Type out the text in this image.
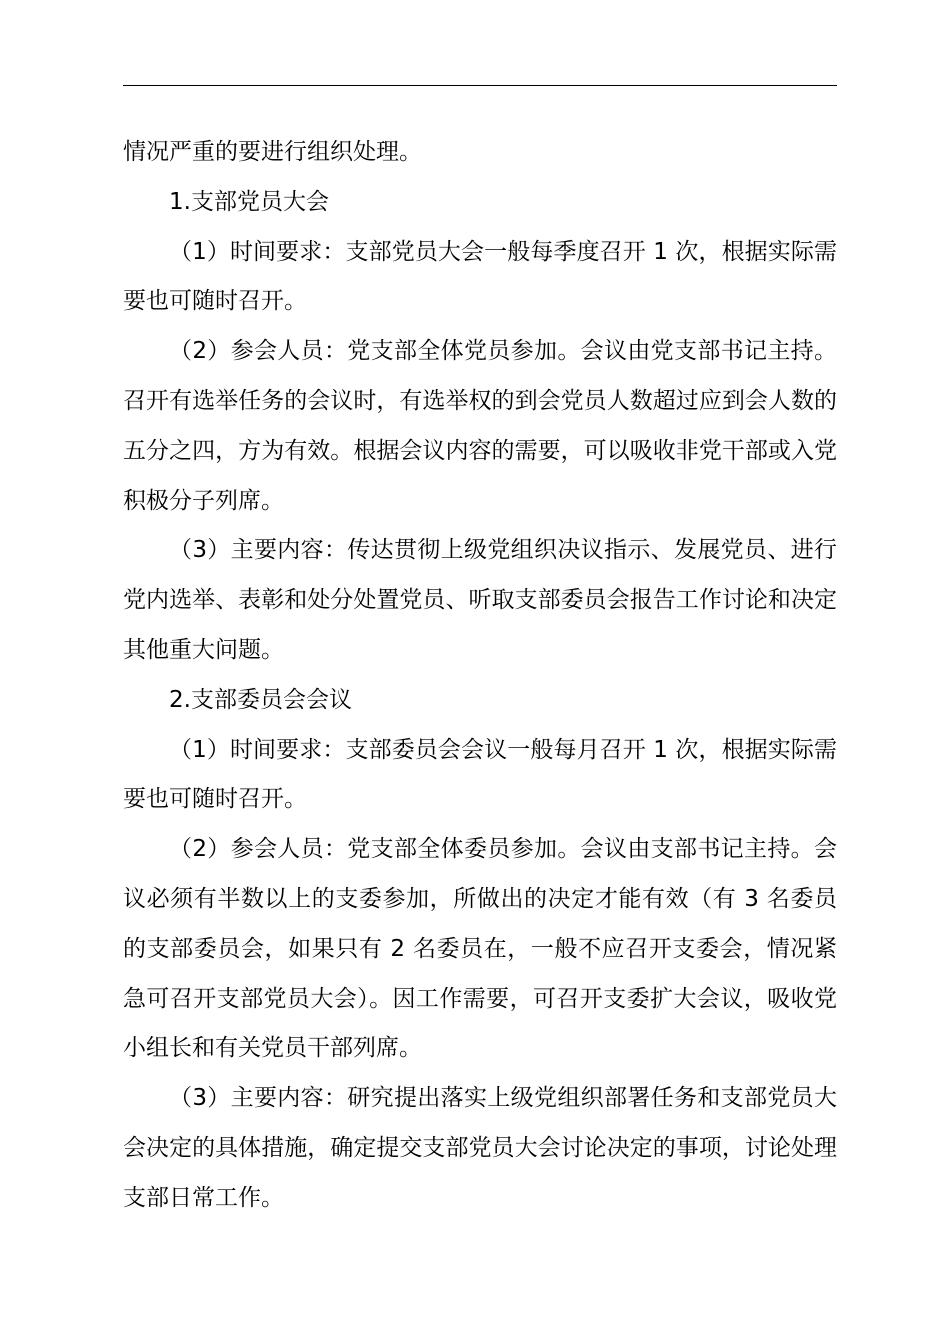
情况严重的要进行组织处理。

1.支部党员大会

（1）时间要求：支部党员大会一般每季度召开 1 次，根据实际需要也可随时召开。

（2）参会人员：党支部全体党员参加。会议由党支部书记主持。召开有选举任务的会议时，有选举权的到会党员人数超过应到会人数的五分之四，方为有效。根据会议内容的需要，可以吸收非党干部或入党积极分子列席。

（3）主要内容：传达贯彻上级党组织决议指示、发展党员、进行党内选举、表彰和处分处置党员、听取支部委员会报告工作讨论和决定其他重大问题。

2.支部委员会会议

（1）时间要求：支部委员会会议一般每月召开 1 次，根据实际需要也可随时召开。

（2）参会人员：党支部全体委员参加。会议由支部书记主持。会议必须有半数以上的支委参加，所做出的决定才能有效（有 3 名委员的支部委员会，如果只有 2 名委员在，一般不应召开支委会，情况紧急可召开支部党员大会）。因工作需要，可召开支委扩大会议，吸收党小组长和有关党员干部列席。

（3）主要内容：研究提出落实上级党组织部署任务和支部党员大会决定的具体措施，确定提交支部党员大会讨论决定的事项，讨论处理支部日常工作。
